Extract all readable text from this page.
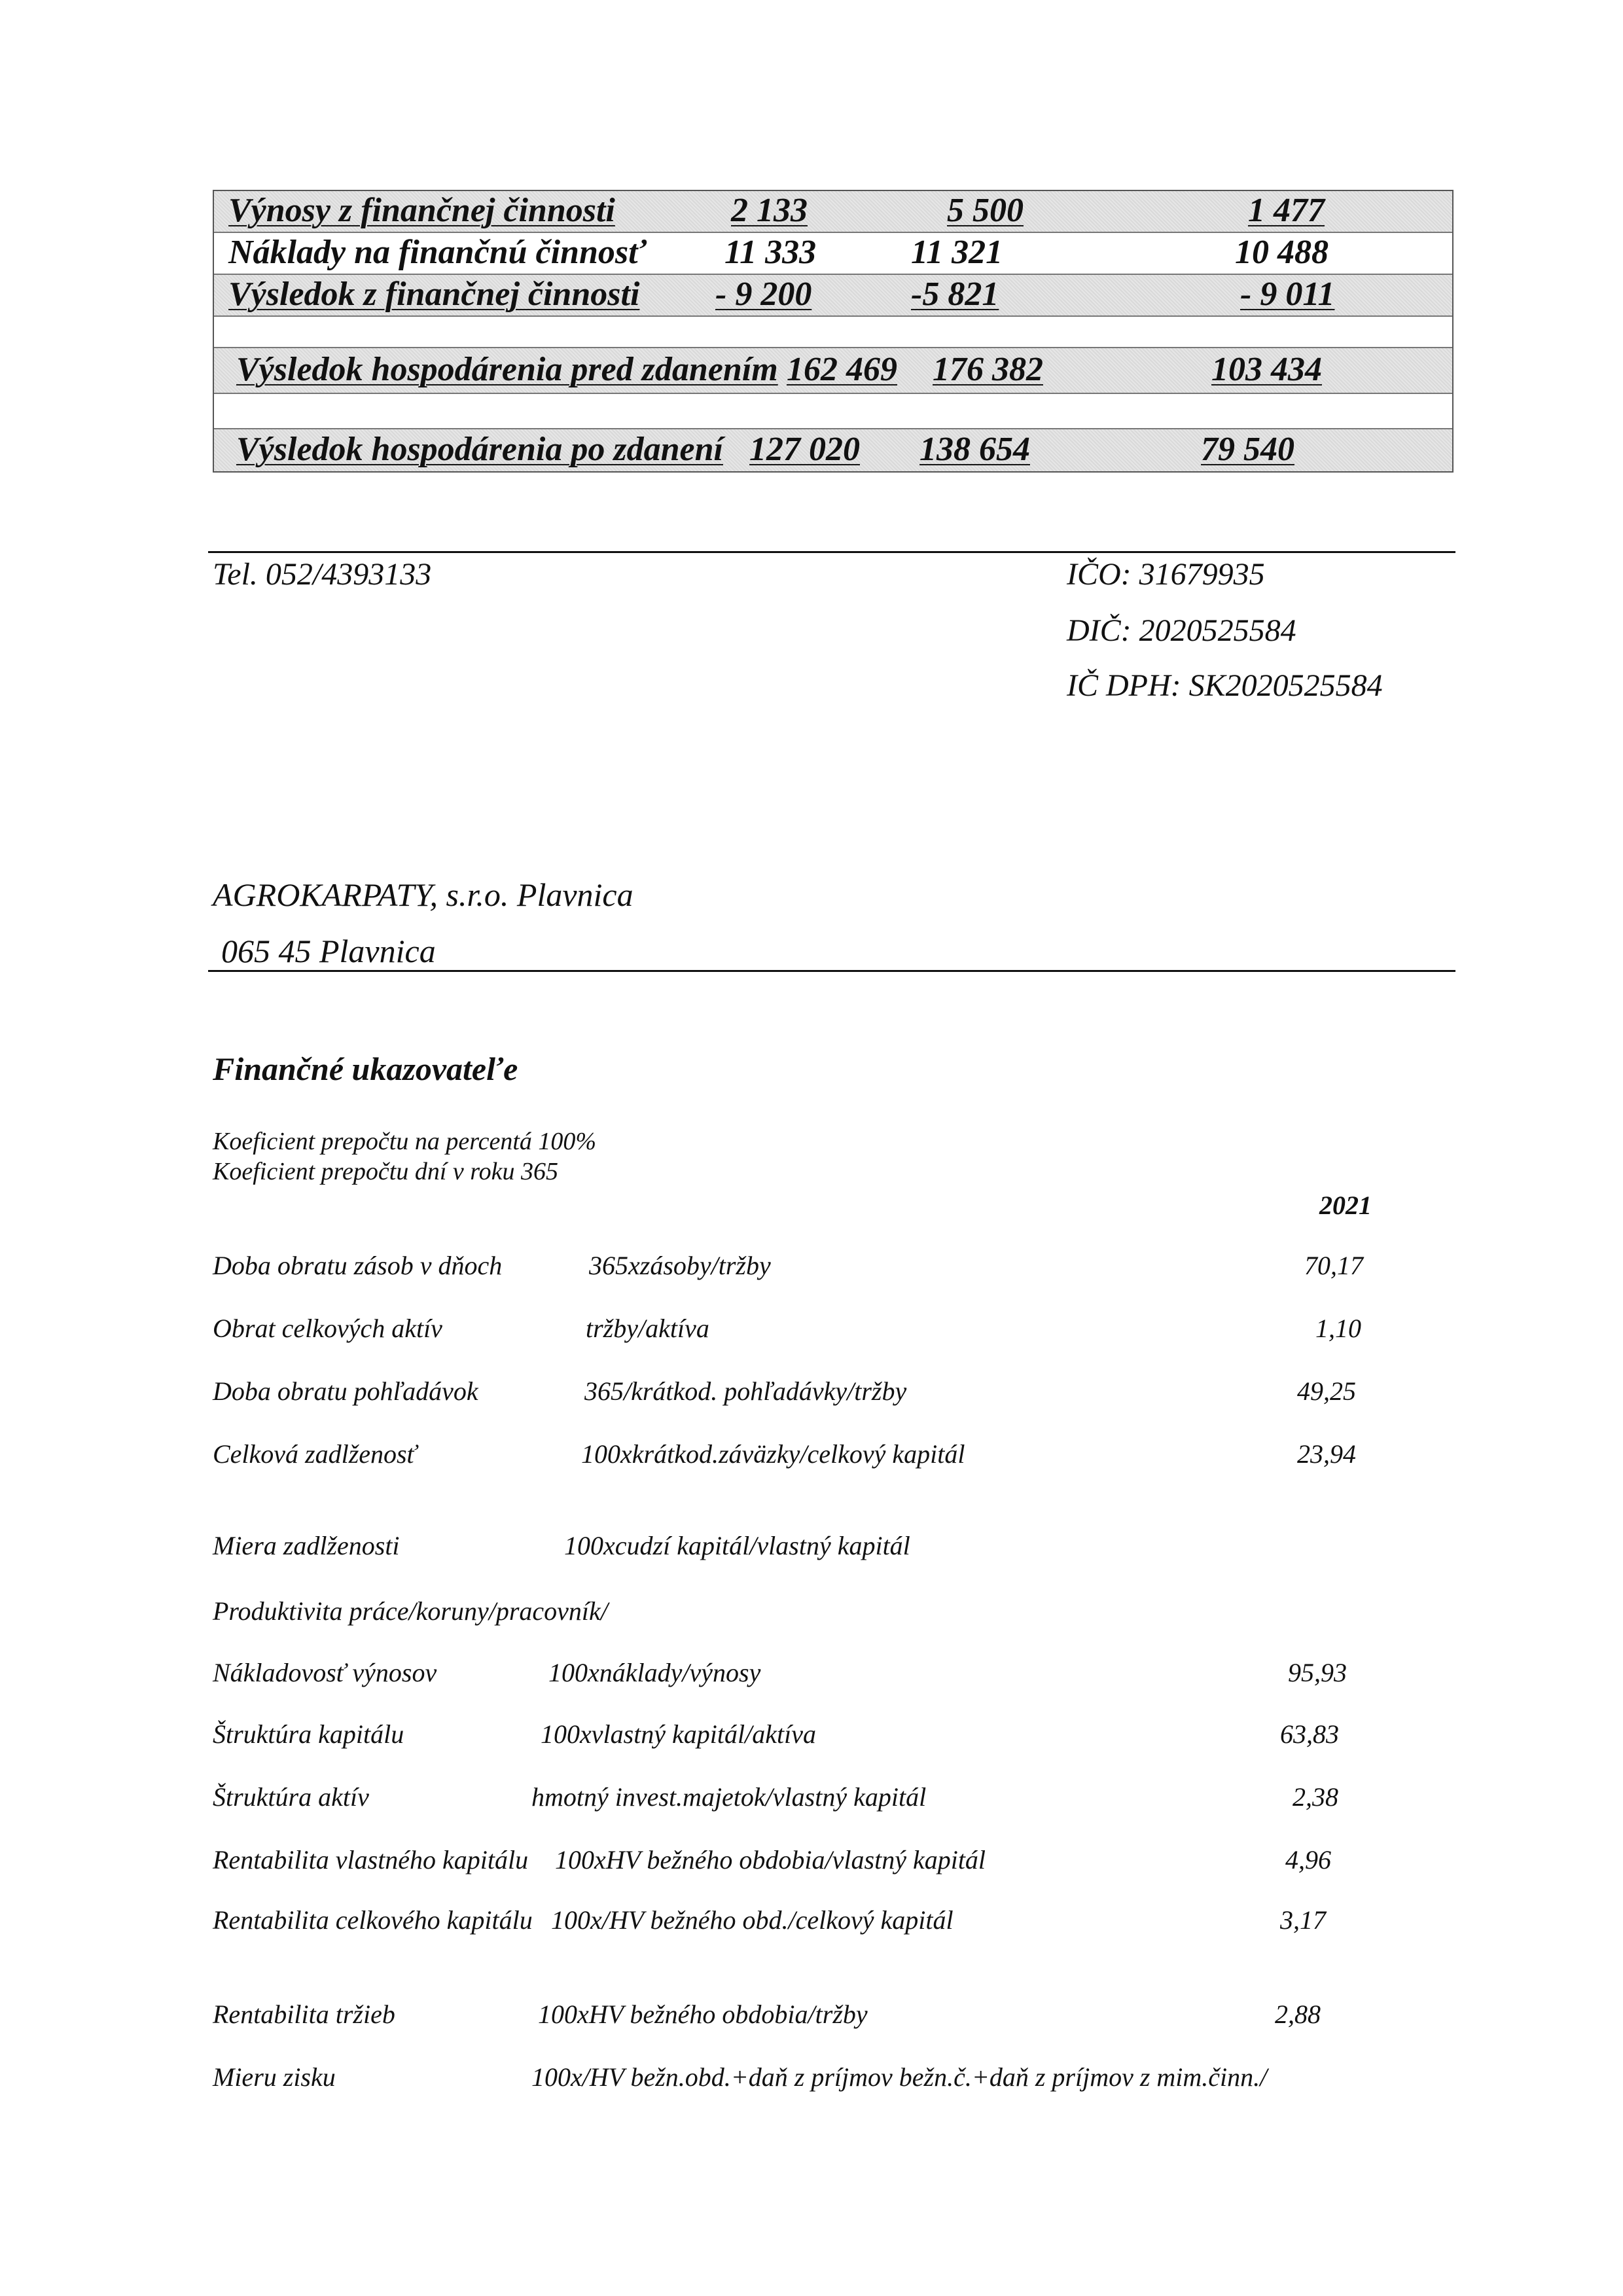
Výnosy z finančnej činnosti	2 133	5 500	1 477
Náklady na finančnú činnosť 11 333	11 321	10 488
Výsledok z finančnej činnosti - 9 200	-5 821	- 9 011
Výsledok hospodárenia pred zdanením 162 469 176 382	103 434
Výsledok hospodárenia po zdanení 127 020 138 654	79 540
Tel. 052/4393133	IČO: 31679935
DIČ: 2020525584
IČ DPH: SK2020525584
AGROKARPATY, s.r.o. Plavnica
065 45 Plavnica
Finančné ukazovateľe
Koeficient prepočtu na percentá 100%
Koeficient prepočtu dní v roku 365
2021
Doba obratu zásob v dňoch	365xzásoby/tržby	70,17
Obrat celkových aktív	tržby/aktíva	1,10
Doba obratu pohľadávok	365/krátkod. pohľadávky/tržby	49,25
Celková zadlženosť	100xkrátkod.záväzky/celkový kapitál	23,94
Miera zadlženosti	100xcudzí kapitál/vlastný kapitál
Produktivita práce/koruny/pracovník/
Nákladovosť výnosov	100xnáklady/výnosy	95,93
Štruktúra kapitálu	100xvlastný kapitál/aktíva	63,83
Štruktúra aktív	hmotný invest.majetok/vlastný kapitál	2,38
Rentabilita vlastného kapitálu 100xHV bežného obdobia/vlastný kapitál	4,96
Rentabilita celkového kapitálu 100x/HV bežného obd./celkový kapitál	3,17
Rentabilita tržieb	100xHV bežného obdobia/tržby	2,88
Mieru zisku	100x/HV bežn.obd.+daň z príjmov bežn.č.+daň z príjmov z mim.činn./
